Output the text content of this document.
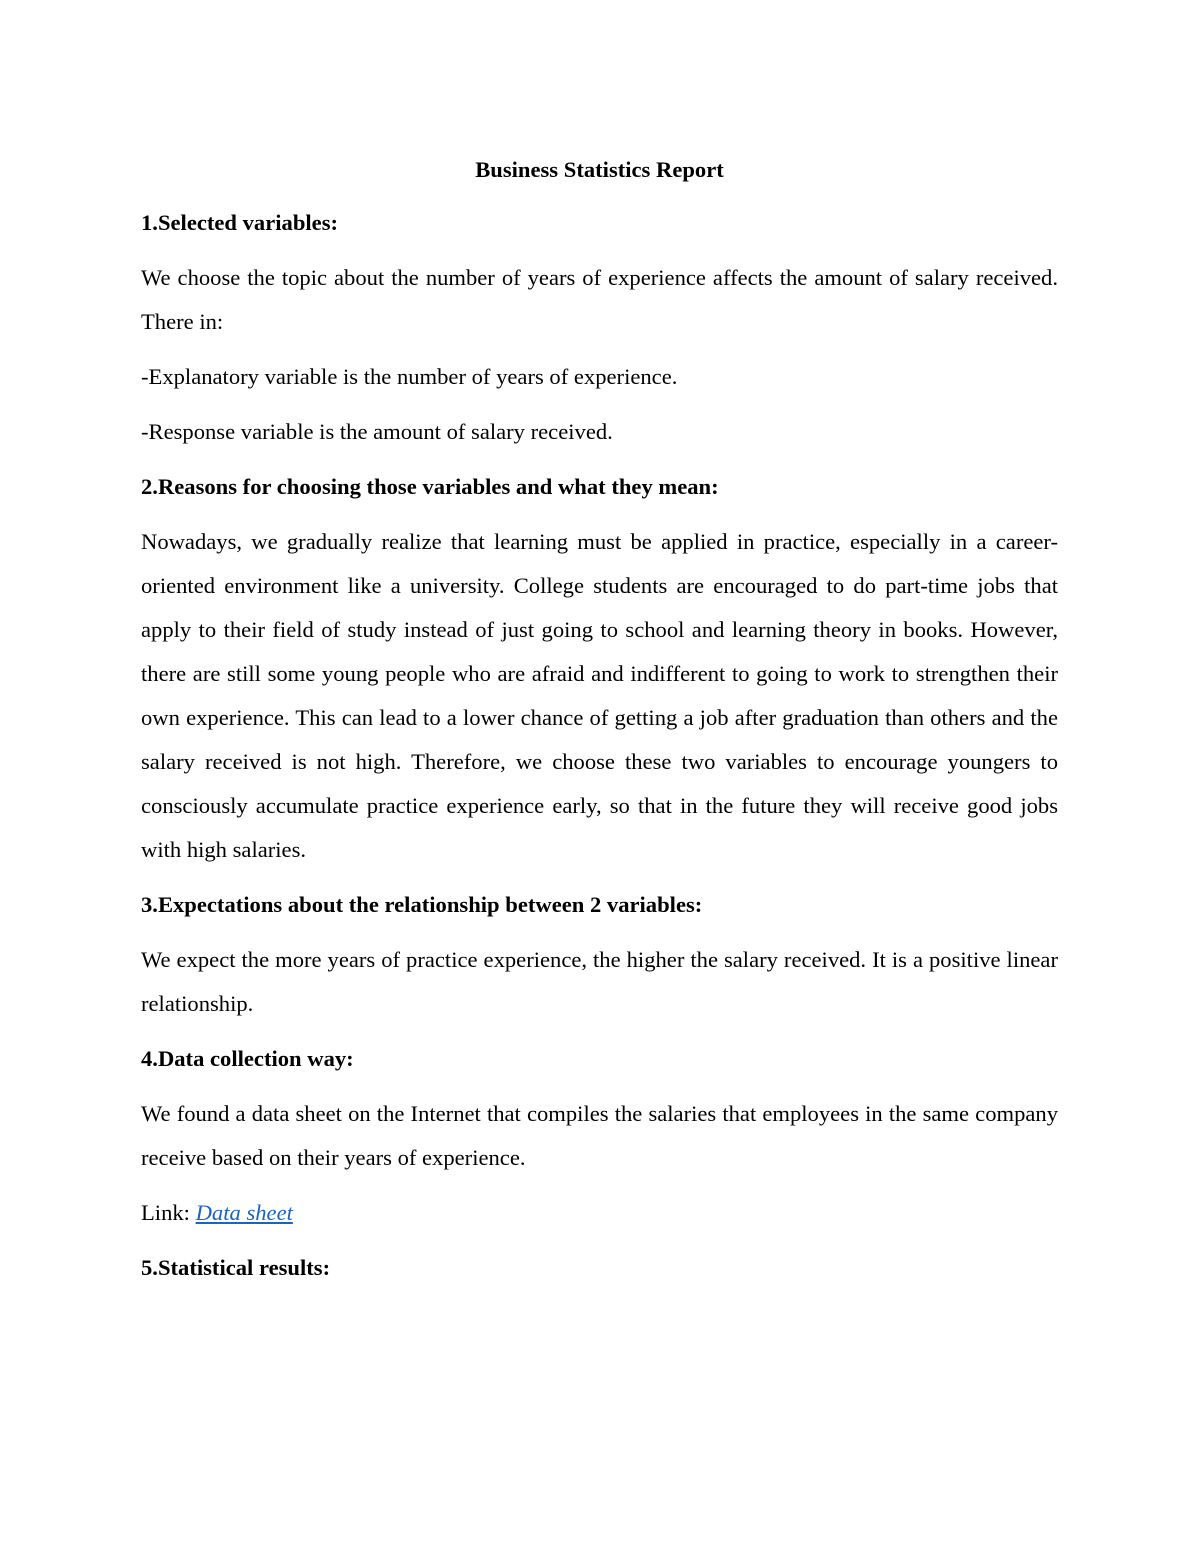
Business Statistics Report
1.Selected variables:
We choose the topic about the number of years of experience affects the amount of salary received. There in:
-Explanatory variable is the number of years of experience.
-Response variable is the amount of salary received.
2.Reasons for choosing those variables and what they mean:
Nowadays, we gradually realize that learning must be applied in practice, especially in a career-oriented environment like a university. College students are encouraged to do part-time jobs that apply to their field of study instead of just going to school and learning theory in books. However, there are still some young people who are afraid and indifferent to going to work to strengthen their own experience. This can lead to a lower chance of getting a job after graduation than others and the salary received is not high. Therefore, we choose these two variables to encourage youngers to consciously accumulate practice experience early, so that in the future they will receive good jobs with high salaries.
3.Expectations about the relationship between 2 variables:
We expect the more years of practice experience, the higher the salary received. It is a positive linear relationship.
4.Data collection way:
We found a data sheet on the Internet that compiles the salaries that employees in the same company receive based on their years of experience.
Link: Data sheet
5.Statistical results:
